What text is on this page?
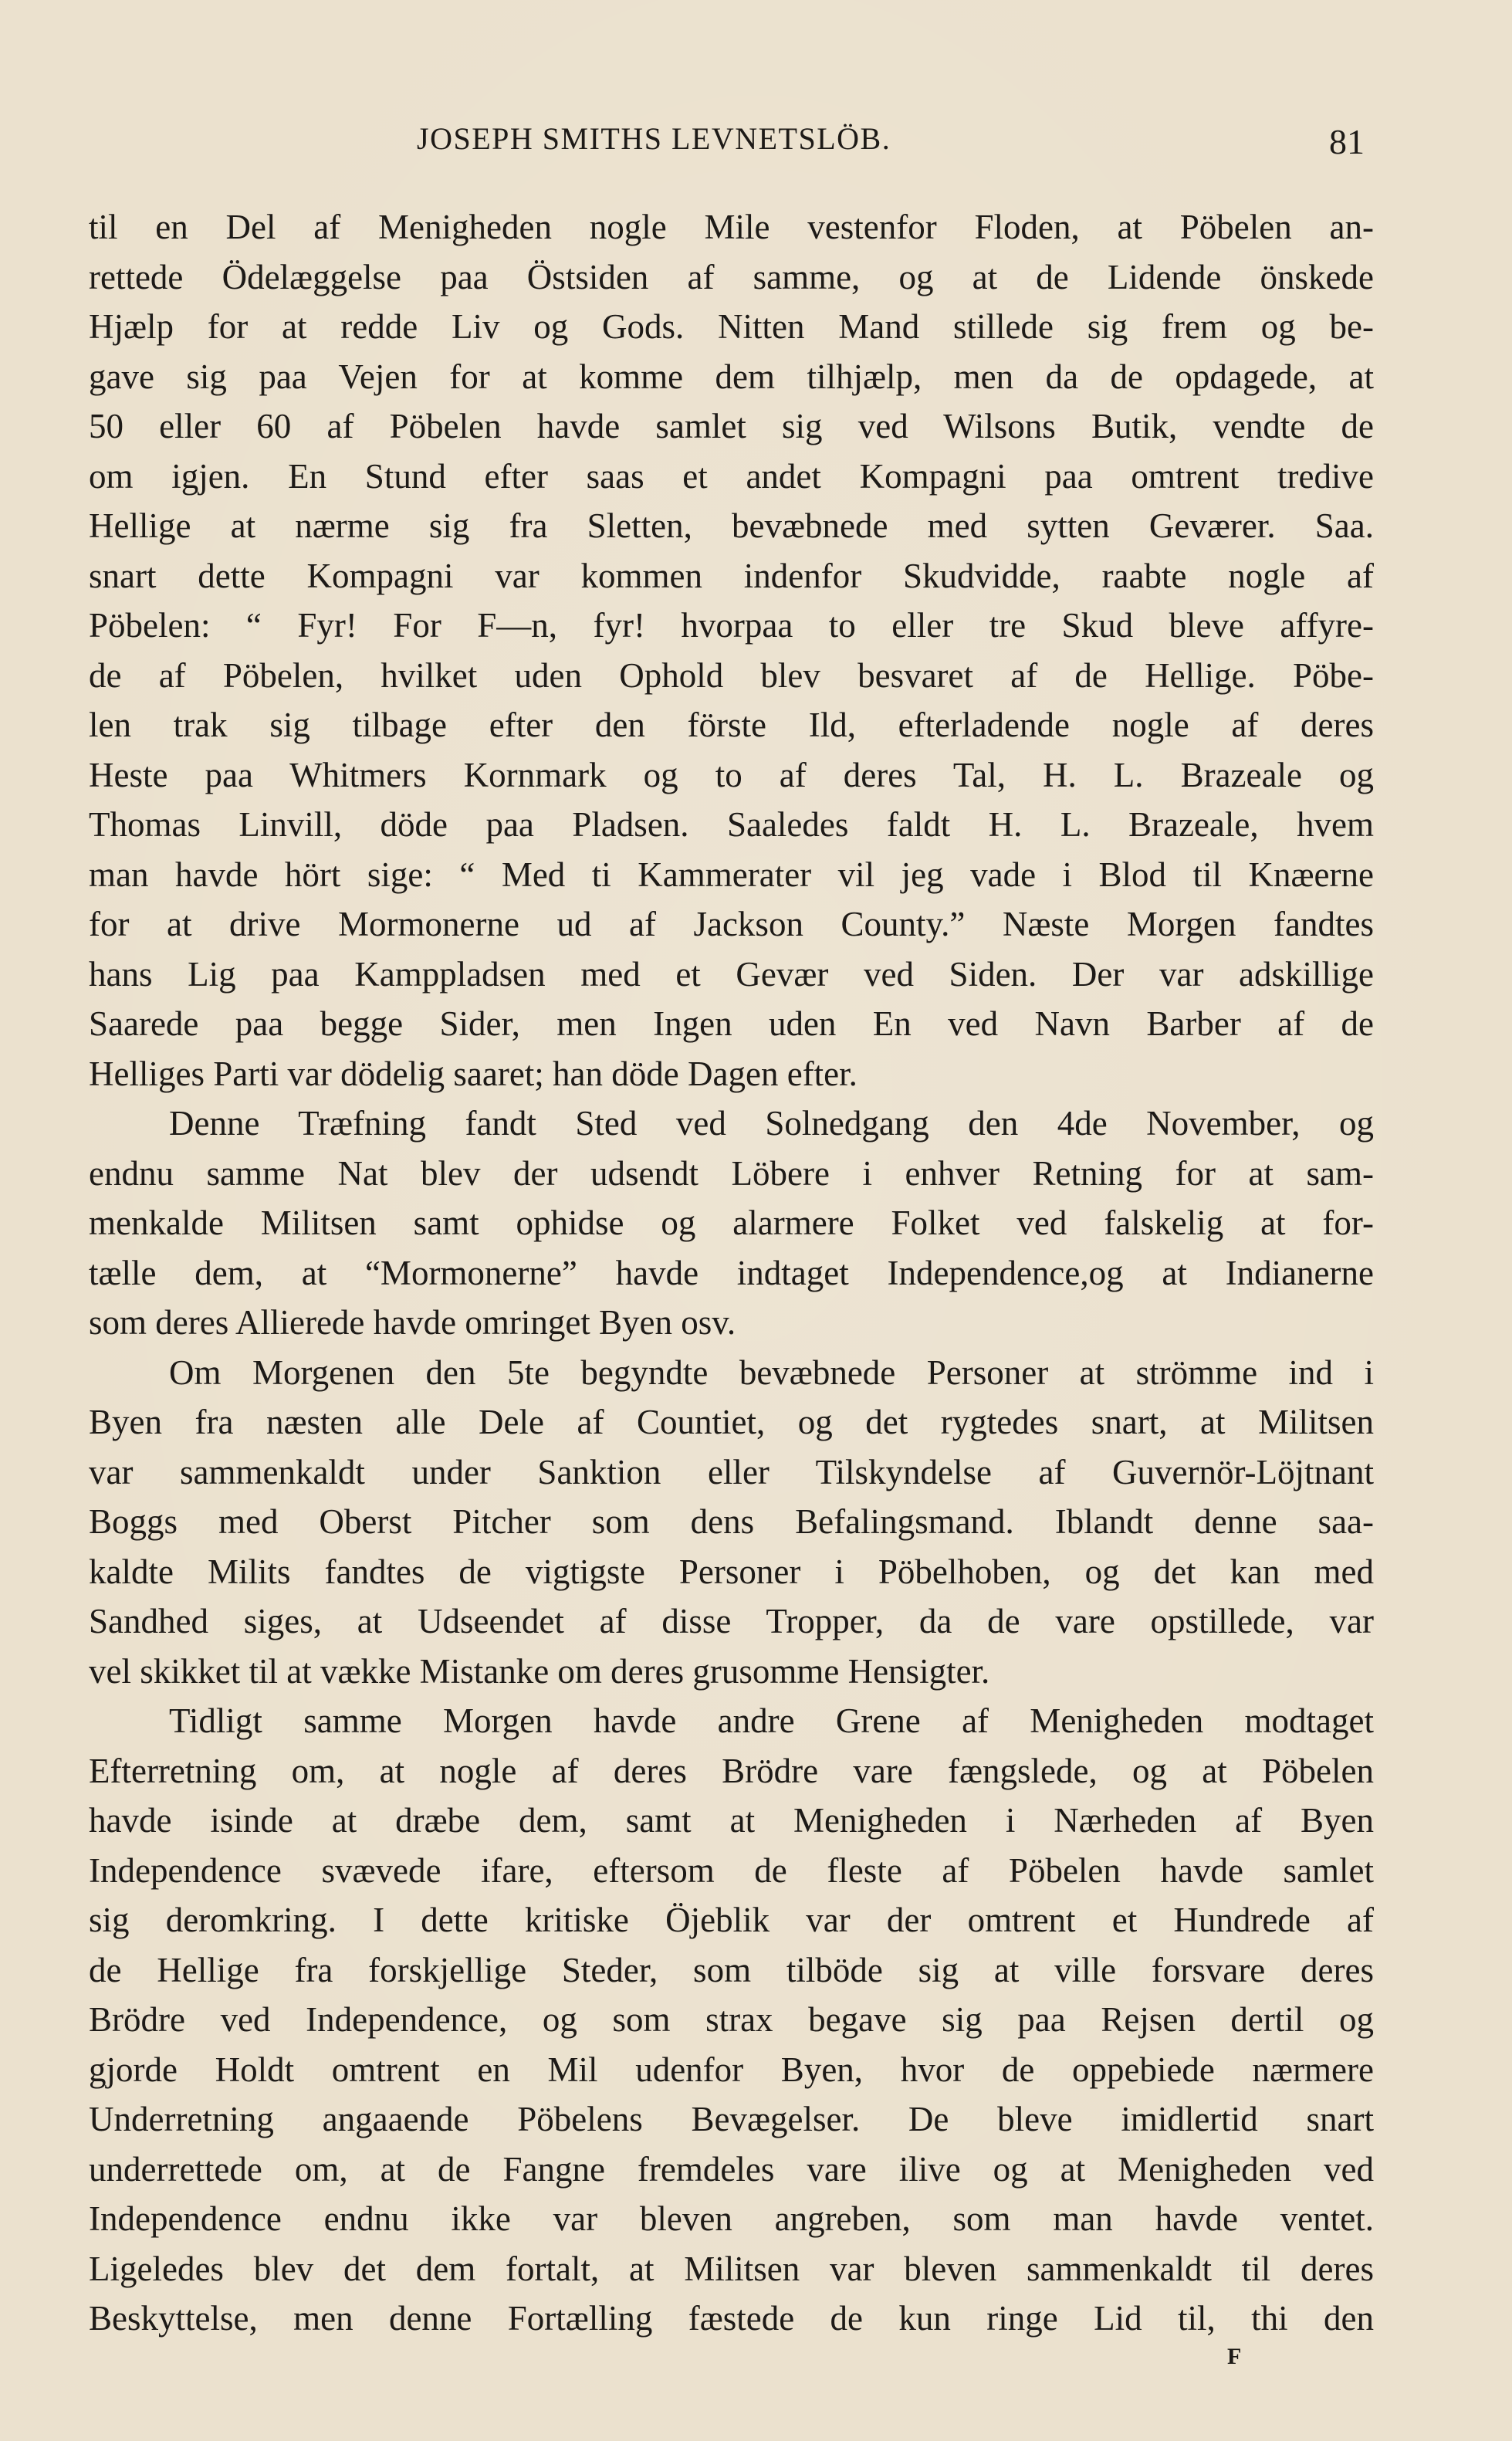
JOSEPH SMITHS LEVNETSLÖB.	81
til en Del af Menigheden nogle Mile vestenfor Floden, at Pöbelen an-
rettede Ödelæggelse paa Östsiden af samme, og at de Lidende önskede
Hjælp for at redde Liv og Gods. Nitten Mand stillede sig frem og be-
gave sig paa Vejen for at komme dem tilhjælp, men da de opdagede, at
50 eller 60 af Pöbelen havde samlet sig ved Wilsons Butik, vendte de
om igjen. En Stund efter saas et andet Kompagni paa omtrent tredive
Hellige at nærme sig fra Sletten, bevæbnede med sytten Geværer. Saa.
snart dette Kompagni var kommen indenfor Skudvidde, raabte nogle af
Pöbelen: “ Fyr! For F—n, fyr! hvorpaa to eller tre Skud bleve affyre-
de af Pöbelen, hvilket uden Ophold blev besvaret af de Hellige. Pöbe-
len trak sig tilbage efter den förste Ild, efterladende nogle af deres
Heste paa Whitmers Kornmark og to af deres Tal, H. L. Brazeale og
Thomas Linvill, döde paa Pladsen. Saaledes faldt H. L. Brazeale, hvem
man havde hört sige: “ Med ti Kammerater vil jeg vade i Blod til Knæerne
for at drive Mormonerne ud af Jackson County.” Næste Morgen fandtes
hans Lig paa Kamppladsen med et Gevær ved Siden. Der var adskillige
Saarede paa begge Sider, men Ingen uden En ved Navn Barber af de
Helliges Parti var dödelig saaret; han döde Dagen efter.
Denne Træfning fandt Sted ved Solnedgang den 4de November, og
endnu samme Nat blev der udsendt Löbere i enhver Retning for at sam-
menkalde Militsen samt ophidse og alarmere Folket ved falskelig at for-
tælle dem, at “Mormonerne” havde indtaget Independence,og at Indianerne
som deres Allierede havde omringet Byen osv.
Om Morgenen den 5te begyndte bevæbnede Personer at strömme ind i
Byen fra næsten alle Dele af Countiet, og det rygtedes snart, at Militsen
var sammenkaldt under Sanktion eller Tilskyndelse af Guvernör-Löjtnant
Boggs med Oberst Pitcher som dens Befalingsmand. Iblandt denne saa-
kaldte Milits fandtes de vigtigste Personer i Pöbelhoben, og det kan med
Sandhed siges, at Udseendet af disse Tropper, da de vare opstillede, var
vel skikket til at vække Mistanke om deres grusomme Hensigter.
Tidligt samme Morgen havde andre Grene af Menigheden modtaget
Efterretning om, at nogle af deres Brödre vare fængslede, og at Pöbelen
havde isinde at dræbe dem, samt at Menigheden i Nærheden af Byen
Independence svævede ifare, eftersom de fleste af Pöbelen havde samlet
sig deromkring. I dette kritiske Öjeblik var der omtrent et Hundrede af
de Hellige fra forskjellige Steder, som tilböde sig at ville forsvare deres
Brödre ved Independence, og som strax begave sig paa Rejsen dertil og
gjorde Holdt omtrent en Mil udenfor Byen, hvor de oppebiede nærmere
Underretning angaaende Pöbelens Bevægelser. De bleve imidlertid snart
underrettede om, at de Fangne fremdeles vare ilive og at Menigheden ved
Independence endnu ikke var bleven angreben, som man havde ventet.
Ligeledes blev det dem fortalt, at Militsen var bleven sammenkaldt til deres
Beskyttelse, men denne Fortælling fæstede de kun ringe Lid til, thi den
F
